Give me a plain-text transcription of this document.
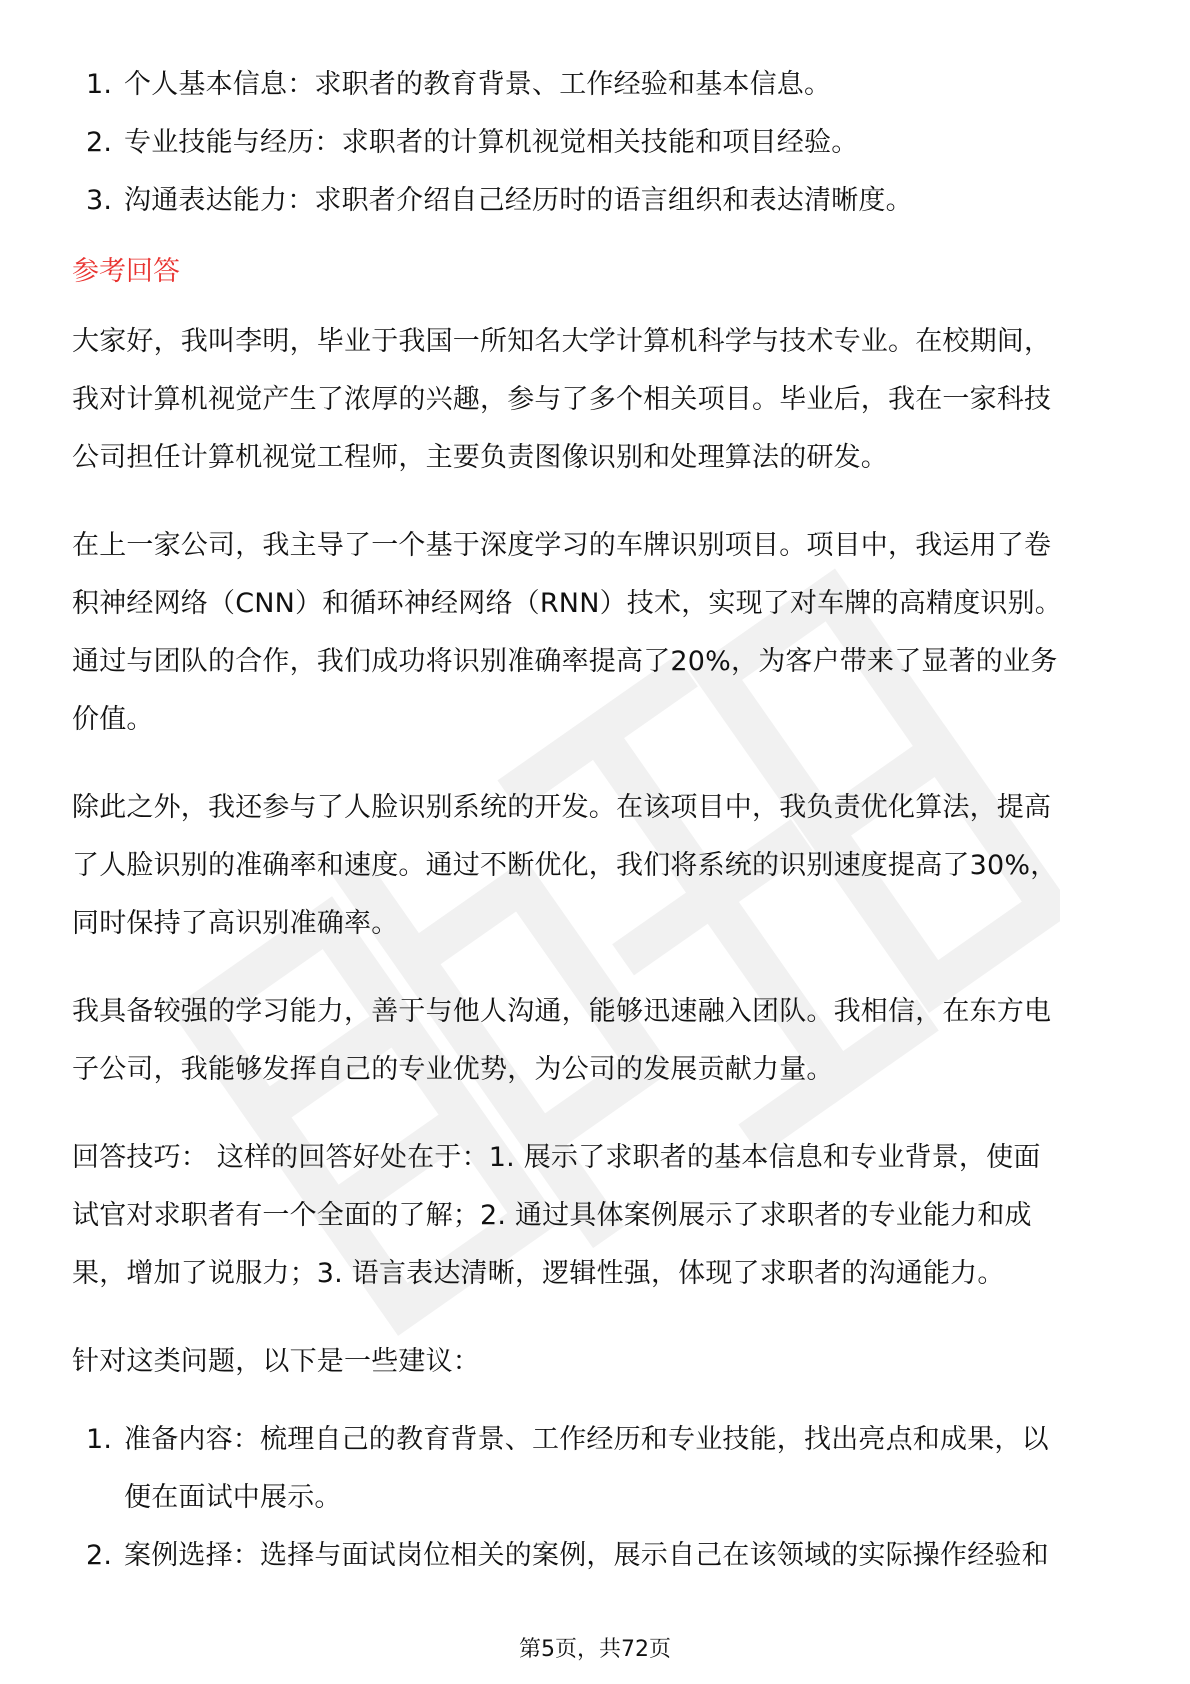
1. 个人基本信息：求职者的教育背景、工作经验和基本信息。
2. 专业技能与经历：求职者的计算机视觉相关技能和项目经验。
3. 沟通表达能力：求职者介绍自己经历时的语言组织和表达清晰度。
参考回答
大家好，我叫李明，毕业于我国一所知名大学计算机科学与技术专业。在校期间，
我对计算机视觉产生了浓厚的兴趣，参与了多个相关项目。毕业后，我在一家科技
公司担任计算机视觉工程师，主要负责图像识别和处理算法的研发。
在上一家公司，我主导了一个基于深度学习的车牌识别项目。项目中，我运用了卷
积神经网络（CNN）和循环神经网络（RNN）技术，实现了对车牌的高精度识别。
通过与团队的合作，我们成功将识别准确率提高了20%，为客户带来了显著的业务
价值。
除此之外，我还参与了人脸识别系统的开发。在该项目中，我负责优化算法，提高
了人脸识别的准确率和速度。通过不断优化，我们将系统的识别速度提高了30%，
同时保持了高识别准确率。
我具备较强的学习能力，善于与他人沟通，能够迅速融入团队。我相信，在东方电
子公司，我能够发挥自己的专业优势，为公司的发展贡献力量。
回答技巧： 这样的回答好处在于：1. 展示了求职者的基本信息和专业背景，使面
试官对求职者有一个全面的了解；2. 通过具体案例展示了求职者的专业能力和成
果，增加了说服力；3. 语言表达清晰，逻辑性强，体现了求职者的沟通能力。
针对这类问题，以下是一些建议：
1. 准备内容：梳理自己的教育背景、工作经历和专业技能，找出亮点和成果，以
便在面试中展示。
2. 案例选择：选择与面试岗位相关的案例，展示自己在该领域的实际操作经验和
第5页，共72页
